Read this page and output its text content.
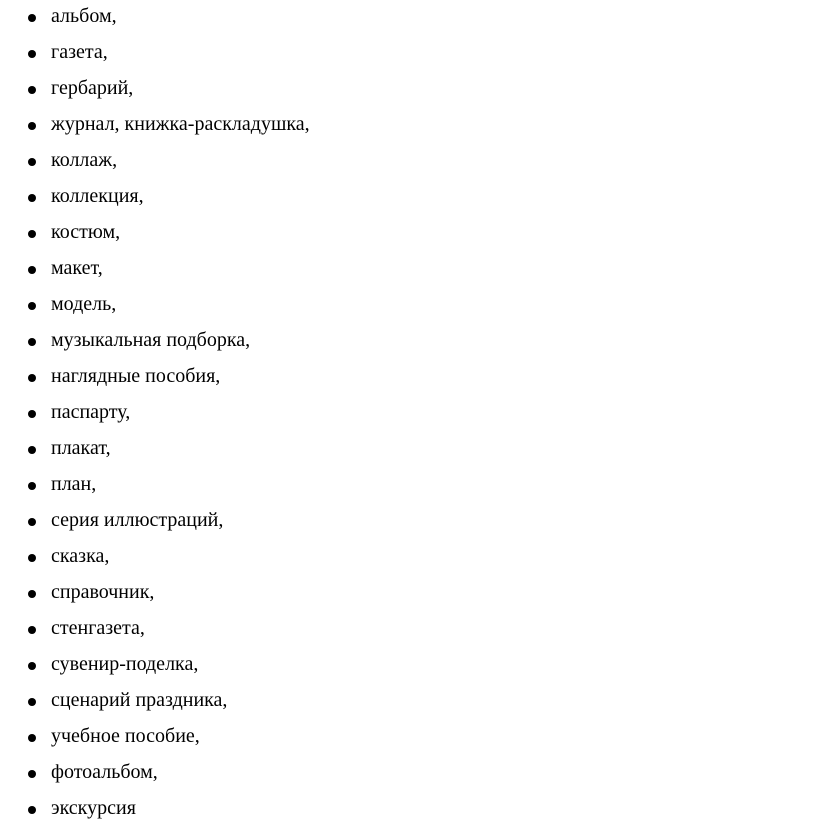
альбом,
газета,
гербарий,
журнал, книжка-раскладушка,
коллаж,
коллекция,
костюм,
макет,
модель,
музыкальная подборка,
наглядные пособия,
паспарту,
плакат,
план,
серия иллюстраций,
сказка,
справочник,
стенгазета,
сувенир-поделка,
сценарий праздника,
учебное пособие,
фотоальбом,
экскурсия
